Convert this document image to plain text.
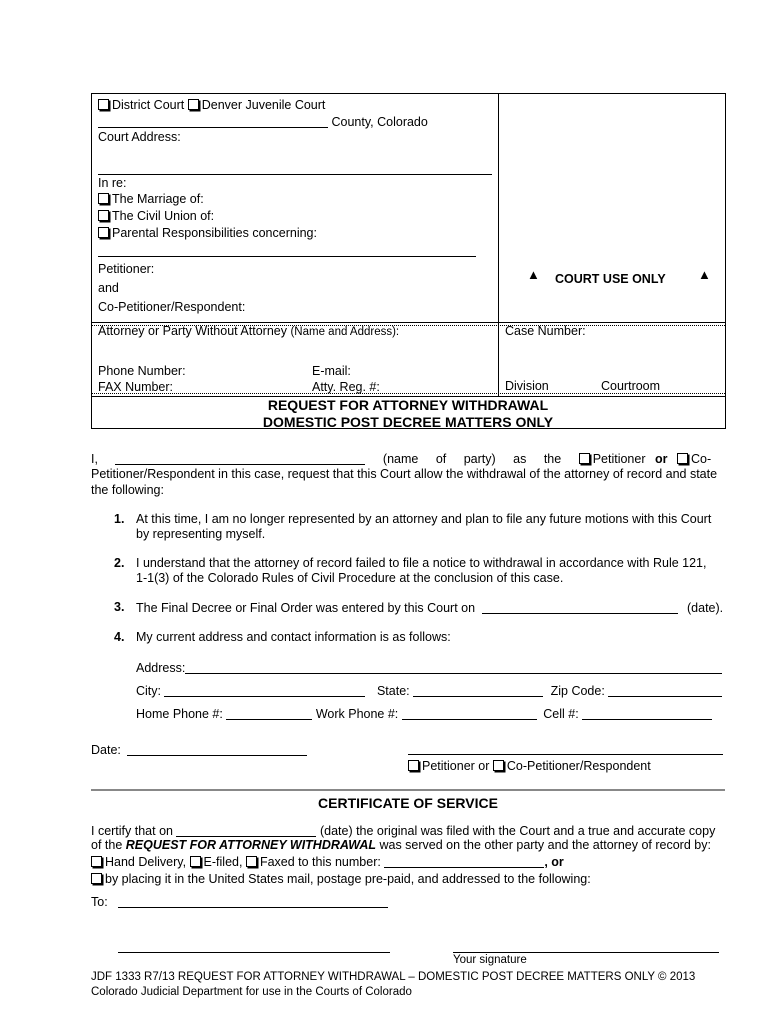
District Court Denver Juvenile Court
County, Colorado
Court Address:
In re:
The Marriage of:
The Civil Union of:
Parental Responsibilities concerning:
Petitioner:
and
Co-Petitioner/Respondent:
▲ COURT USE ONLY ▲
Attorney or Party Without Attorney (Name and Address):
Phone Number:	E-mail:
FAX Number:	Atty. Reg. #:
Case Number:
Division	Courtroom
REQUEST FOR ATTORNEY WITHDRAWAL
DOMESTIC POST DECREE MATTERS ONLY
I,	(name of party) as the	Petitioner or Co-
Petitioner/Respondent in this case, request that this Court allow the withdrawal of the attorney of record and state
the following:
1. At this time, I am no longer represented by an attorney and plan to file any future motions with this Court
by representing myself.
2. I understand that the attorney of record failed to file a notice to withdrawal in accordance with Rule 121,
1-1(3) of the Colorado Rules of Civil Procedure at the conclusion of this case.
3. The Final Decree or Final Order was entered by this Court on	(date).
4. My current address and contact information is as follows:
Address:
City:	State:	Zip Code:
Home Phone #:	Work Phone #:	Cell #:
Date:
Petitioner or Co-Petitioner/Respondent
CERTIFICATE OF SERVICE
I certify that on	(date) the original was filed with the Court and a true and accurate copy
of the REQUEST FOR ATTORNEY WITHDRAWAL was served on the other party and the attorney of record by:
Hand Delivery, E-filed, Faxed to this number:	, or
by placing it in the United States mail, postage pre-paid, and addressed to the following:
To:
Your signature
JDF 1333 R7/13 REQUEST FOR ATTORNEY WITHDRAWAL – DOMESTIC POST DECREE MATTERS ONLY © 2013
Colorado Judicial Department for use in the Courts of Colorado
